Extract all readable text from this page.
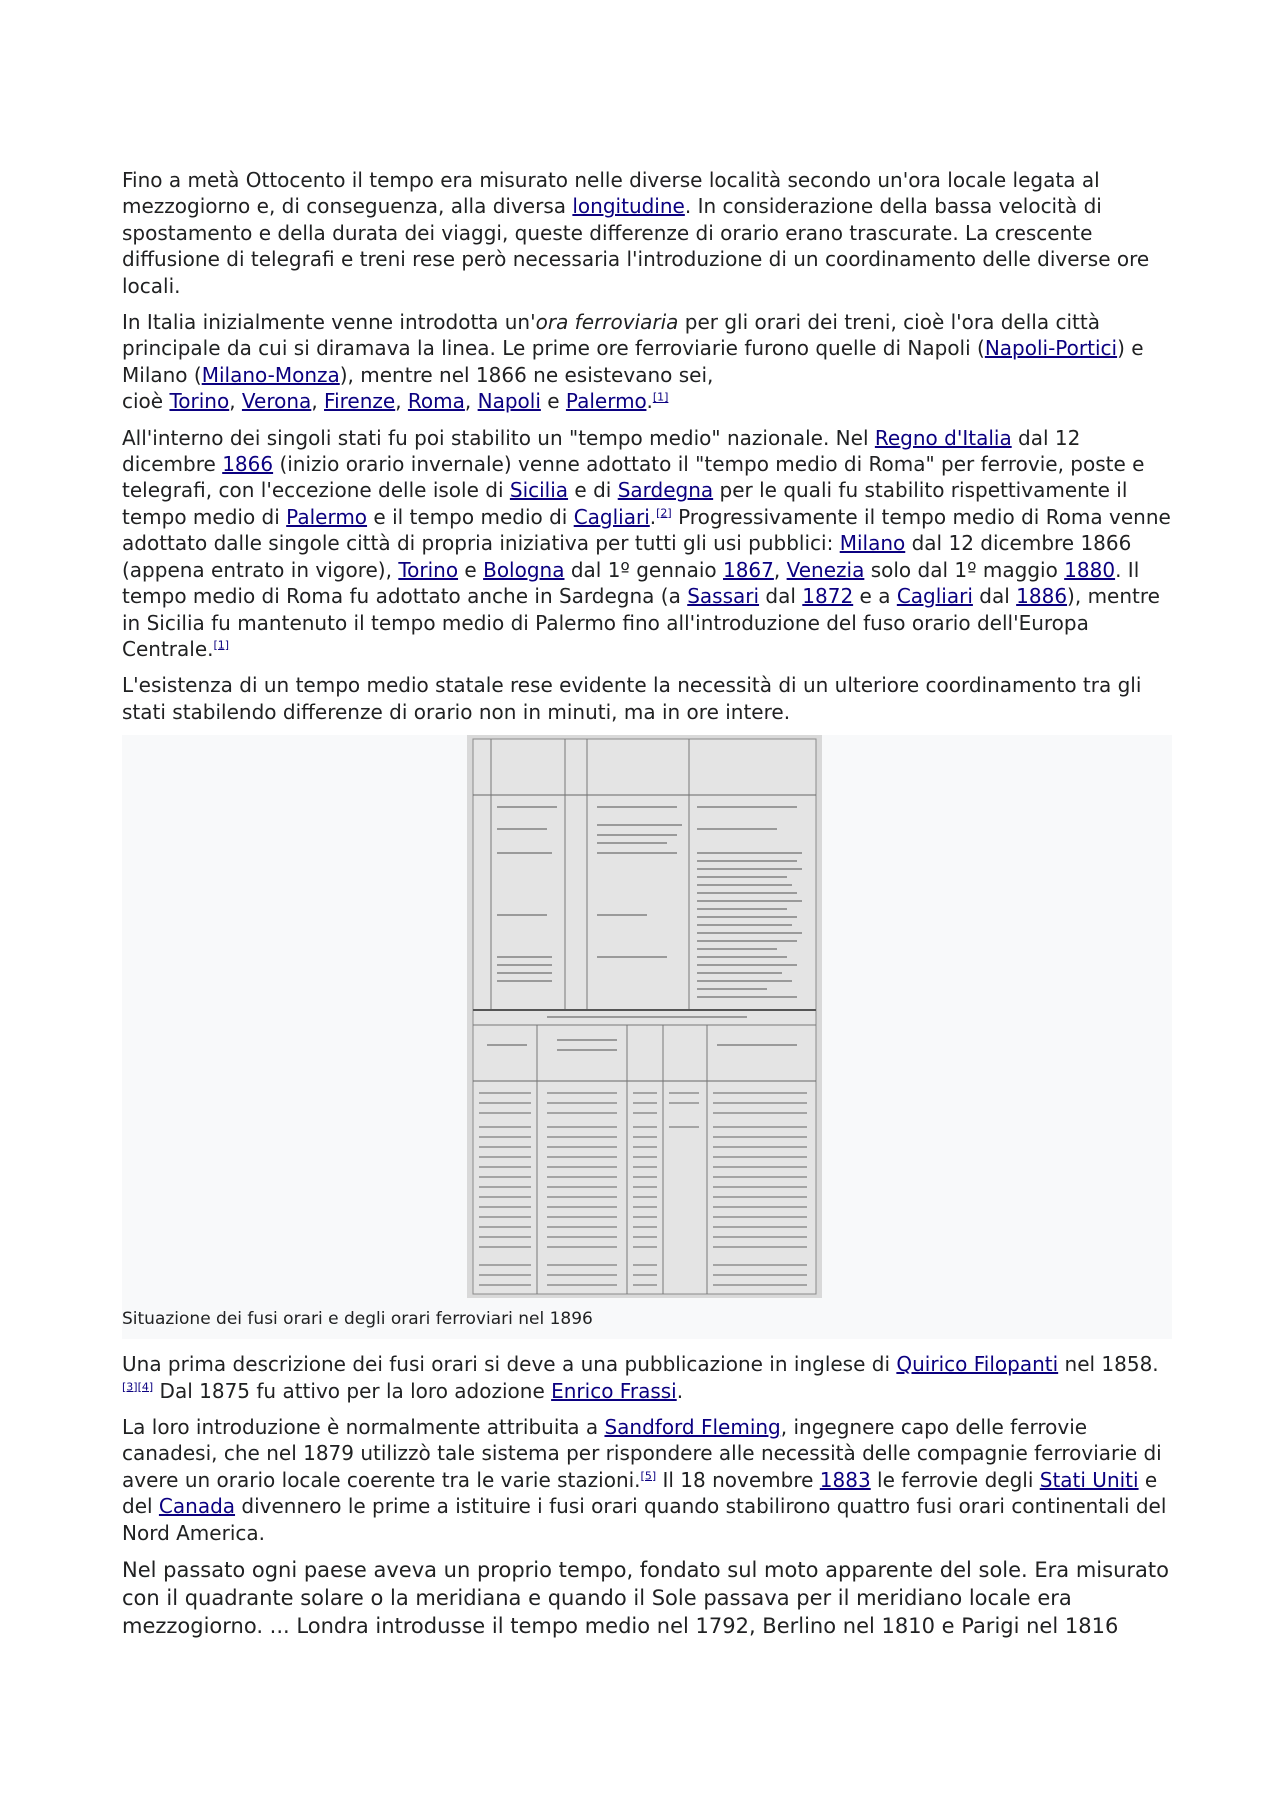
Fino a metà Ottocento il tempo era misurato nelle diverse località secondo un'ora locale legata al mezzogiorno e, di conseguenza, alla diversa longitudine. In considerazione della bassa velocità di spostamento e della durata dei viaggi, queste differenze di orario erano trascurate. La crescente diffusione di telegrafi e treni rese però necessaria l'introduzione di un coordinamento delle diverse ore locali.

In Italia inizialmente venne introdotta un'ora ferroviaria per gli orari dei treni, cioè l'ora della città principale da cui si diramava la linea. Le prime ore ferroviarie furono quelle di Napoli (Napoli-Portici) e Milano (Milano-Monza), mentre nel 1866 ne esistevano sei,
cioè Torino, Verona, Firenze, Roma, Napoli e Palermo.[1]

All'interno dei singoli stati fu poi stabilito un "tempo medio" nazionale. Nel Regno d'Italia dal 12 dicembre 1866 (inizio orario invernale) venne adottato il "tempo medio di Roma" per ferrovie, poste e telegrafi, con l'eccezione delle isole di Sicilia e di Sardegna per le quali fu stabilito rispettivamente il tempo medio di Palermo e il tempo medio di Cagliari.[2] Progressivamente il tempo medio di Roma venne adottato dalle singole città di propria iniziativa per tutti gli usi pubblici: Milano dal 12 dicembre 1866 (appena entrato in vigore), Torino e Bologna dal 1º gennaio 1867, Venezia solo dal 1º maggio 1880. Il tempo medio di Roma fu adottato anche in Sardegna (a Sassari dal 1872 e a Cagliari dal 1886), mentre in Sicilia fu mantenuto il tempo medio di Palermo fino all'introduzione del fuso orario dell'Europa Centrale.[1]

L'esistenza di un tempo medio statale rese evidente la necessità di un ulteriore coordinamento tra gli stati stabilendo differenze di orario non in minuti, ma in ore intere.

Situazione dei fusi orari e degli orari ferroviari nel 1896

Una prima descrizione dei fusi orari si deve a una pubblicazione in inglese di Quirico Filopanti nel 1858.[3][4] Dal 1875 fu attivo per la loro adozione Enrico Frassi.

La loro introduzione è normalmente attribuita a Sandford Fleming, ingegnere capo delle ferrovie canadesi, che nel 1879 utilizzò tale sistema per rispondere alle necessità delle compagnie ferroviarie di avere un orario locale coerente tra le varie stazioni.[5] Il 18 novembre 1883 le ferrovie degli Stati Uniti e del Canada divennero le prime a istituire i fusi orari quando stabilirono quattro fusi orari continentali del Nord America.

Nel passato ogni paese aveva un proprio tempo, fondato sul moto apparente del sole. Era misurato con il quadrante solare o la meridiana e quando il Sole passava per il meridiano locale era mezzogiorno. ... Londra introdusse il tempo medio nel 1792, Berlino nel 1810 e Parigi nel 1816
